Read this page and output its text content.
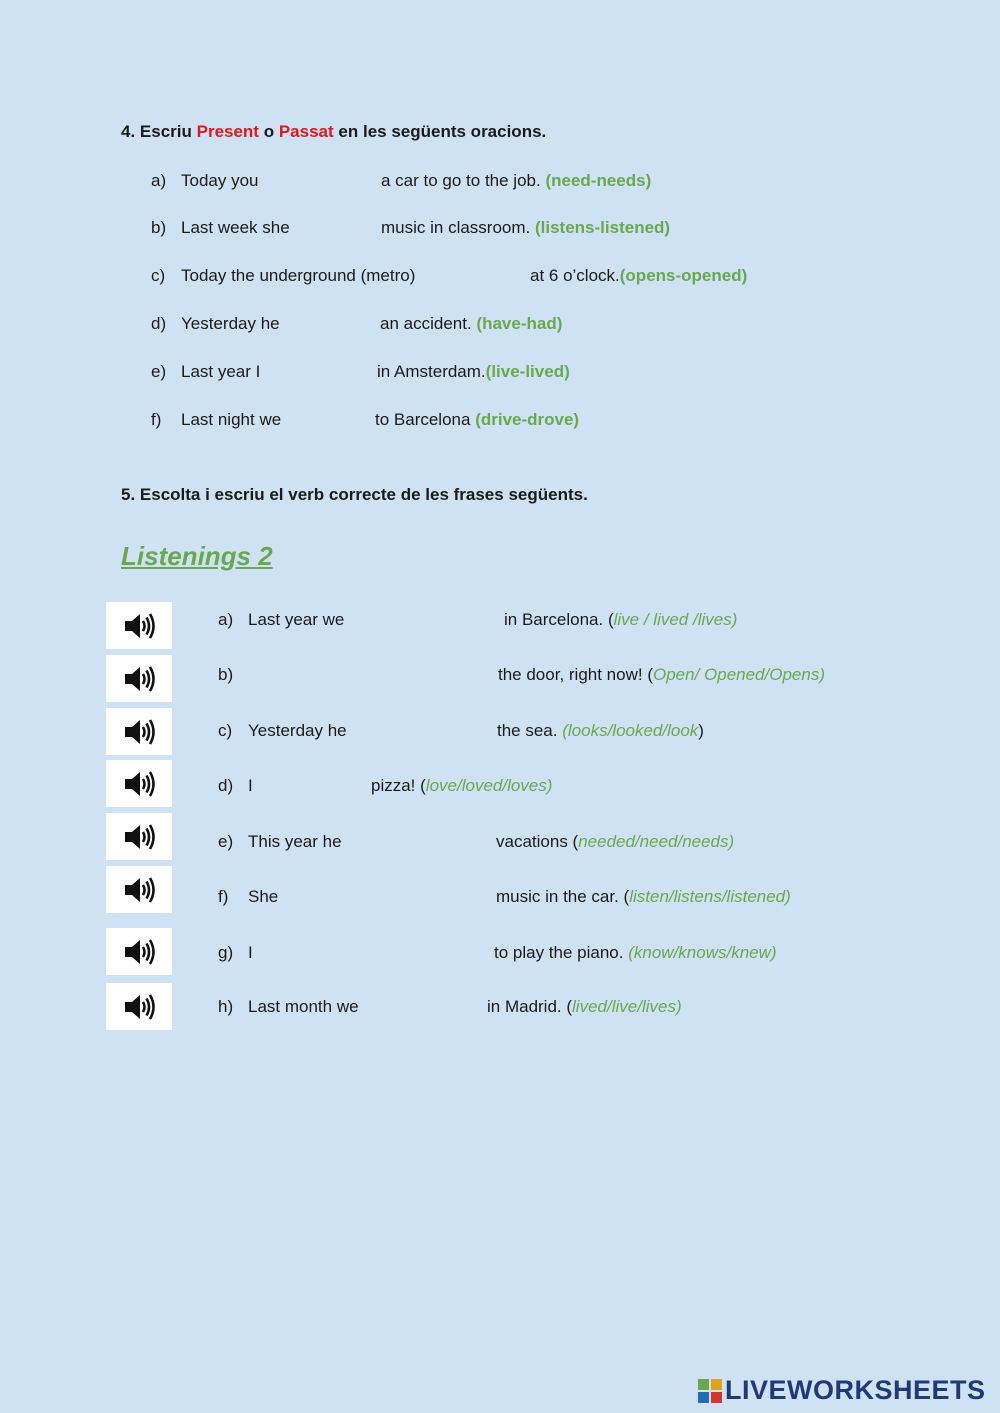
4. Escriu Present o Passat en les següents oracions.
a) Today you	a car to go to the job. (need-needs)
b) Last week she	music in classroom. (listens-listened)
c) Today the underground (metro)	at 6 o’clock.(opens-opened)
d) Yesterday he	an accident. (have-had)
e) Last year I	in Amsterdam.(live-lived)
f) Last night we	to Barcelona (drive-drove)
5. Escolta i escriu el verb correcte de les frases següents.
Listenings 2
a) Last year we	in Barcelona. (live / lived /lives)
b)	the door, right now! (Open/ Opened/Opens)
c) Yesterday he	the sea. (looks/looked/look)
d) I	pizza! (love/loved/loves)
e) This year he	vacations (needed/need/needs)
f) She	music in the car. (listen/listens/listened)
g) I	to play the piano. (know/knows/knew)
h) Last month we	in Madrid. (lived/live/lives)
LIVEWORKSHEETS
